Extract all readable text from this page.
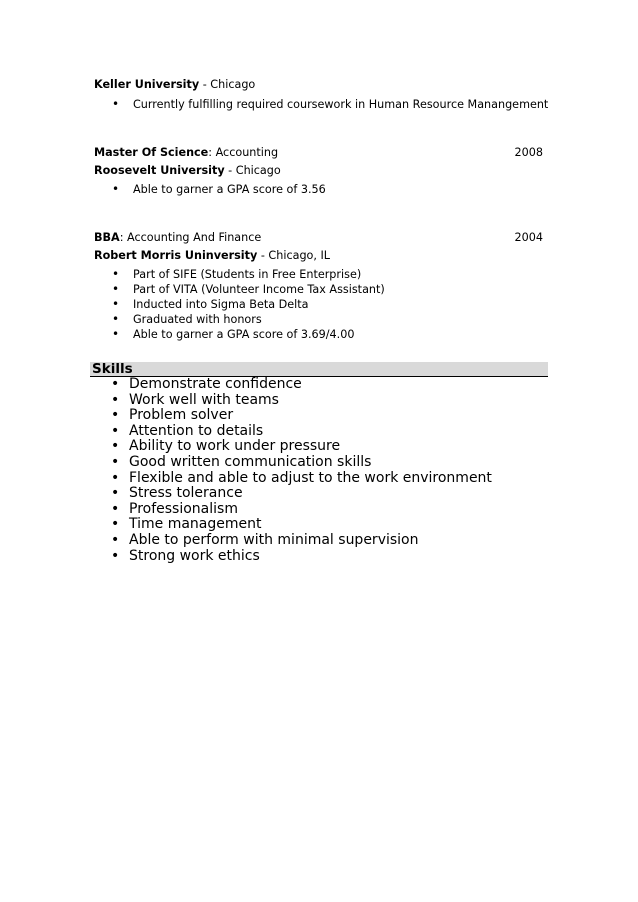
Keller University - Chicago
• Currently fulfilling required coursework in Human Resource Manangement
Master Of Science: Accounting	2008
Roosevelt University - Chicago
• Able to garner a GPA score of 3.56
BBA: Accounting And Finance	2004
Robert Morris Uninversity - Chicago, IL
• Part of SIFE (Students in Free Enterprise)
• Part of VITA (Volunteer Income Tax Assistant)
• Inducted into Sigma Beta Delta
• Graduated with honors
• Able to garner a GPA score of 3.69/4.00
Skills
• Demonstrate confidence
• Work well with teams
• Problem solver
• Attention to details
• Ability to work under pressure
• Good written communication skills
• Flexible and able to adjust to the work environment
• Stress tolerance
• Professionalism
• Time management
• Able to perform with minimal supervision
• Strong work ethics
